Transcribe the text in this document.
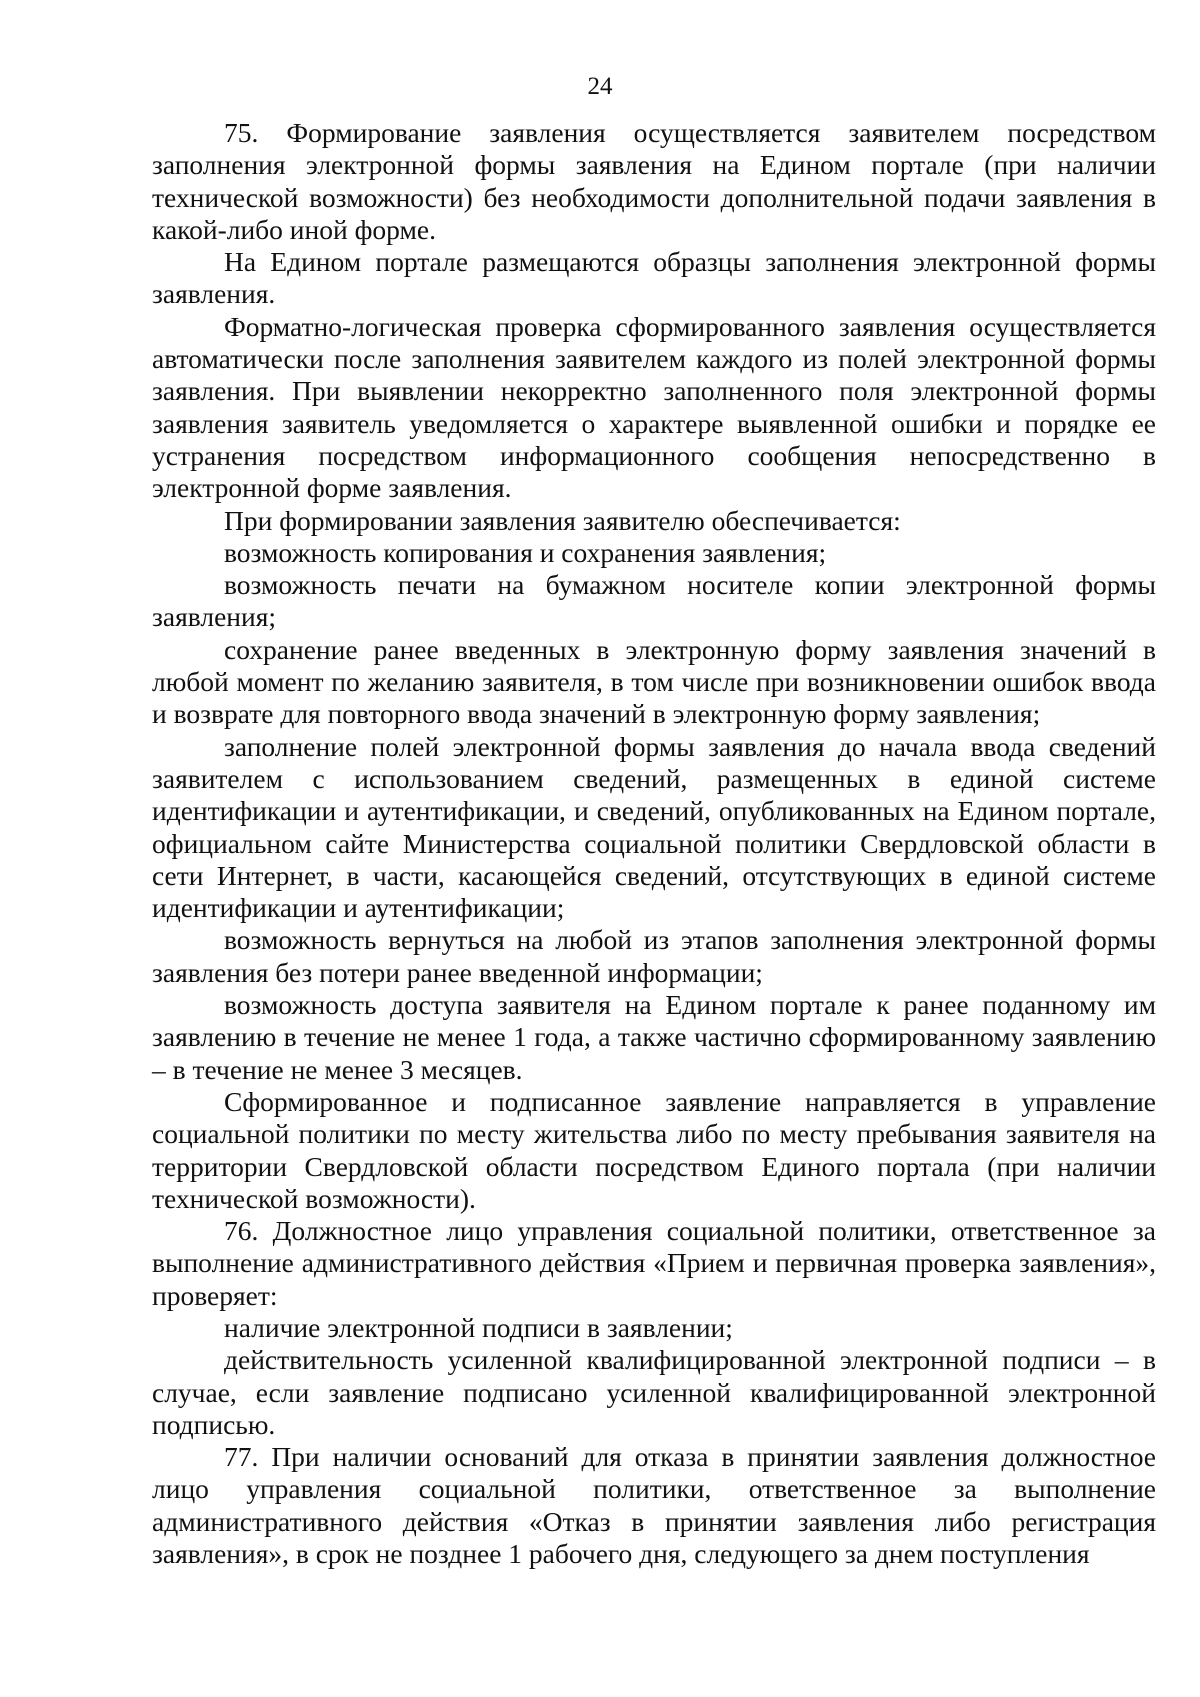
24

75. Формирование заявления осуществляется заявителем посредством заполнения электронной формы заявления на Едином портале (при наличии технической возможности) без необходимости дополнительной подачи заявления в какой-либо иной форме.

На Едином портале размещаются образцы заполнения электронной формы заявления.

Форматно-логическая проверка сформированного заявления осуществляется автоматически после заполнения заявителем каждого из полей электронной формы заявления. При выявлении некорректно заполненного поля электронной формы заявления заявитель уведомляется о характере выявленной ошибки и порядке ее устранения посредством информационного сообщения непосредственно в электронной форме заявления.

При формировании заявления заявителю обеспечивается:

возможность копирования и сохранения заявления;

возможность печати на бумажном носителе копии электронной формы заявления;

сохранение ранее введенных в электронную форму заявления значений в любой момент по желанию заявителя, в том числе при возникновении ошибок ввода и возврате для повторного ввода значений в электронную форму заявления;

заполнение полей электронной формы заявления до начала ввода сведений заявителем с использованием сведений, размещенных в единой системе идентификации и аутентификации, и сведений, опубликованных на Едином портале, официальном сайте Министерства социальной политики Свердловской области в сети Интернет, в части, касающейся сведений, отсутствующих в единой системе идентификации и аутентификации;

возможность вернуться на любой из этапов заполнения электронной формы заявления без потери ранее введенной информации;

возможность доступа заявителя на Едином портале к ранее поданному им заявлению в течение не менее 1 года, а также частично сформированному заявлению – в течение не менее 3 месяцев.

Сформированное и подписанное заявление направляется в управление социальной политики по месту жительства либо по месту пребывания заявителя на территории Свердловской области посредством Единого портала (при наличии технической возможности).

76. Должностное лицо управления социальной политики, ответственное за выполнение административного действия «Прием и первичная проверка заявления», проверяет:

наличие электронной подписи в заявлении;

действительность усиленной квалифицированной электронной подписи – в случае, если заявление подписано усиленной квалифицированной электронной подписью.

77. При наличии оснований для отказа в принятии заявления должностное лицо управления социальной политики, ответственное за выполнение административного действия «Отказ в принятии заявления либо регистрация заявления», в срок не позднее 1 рабочего дня, следующего за днем поступления
